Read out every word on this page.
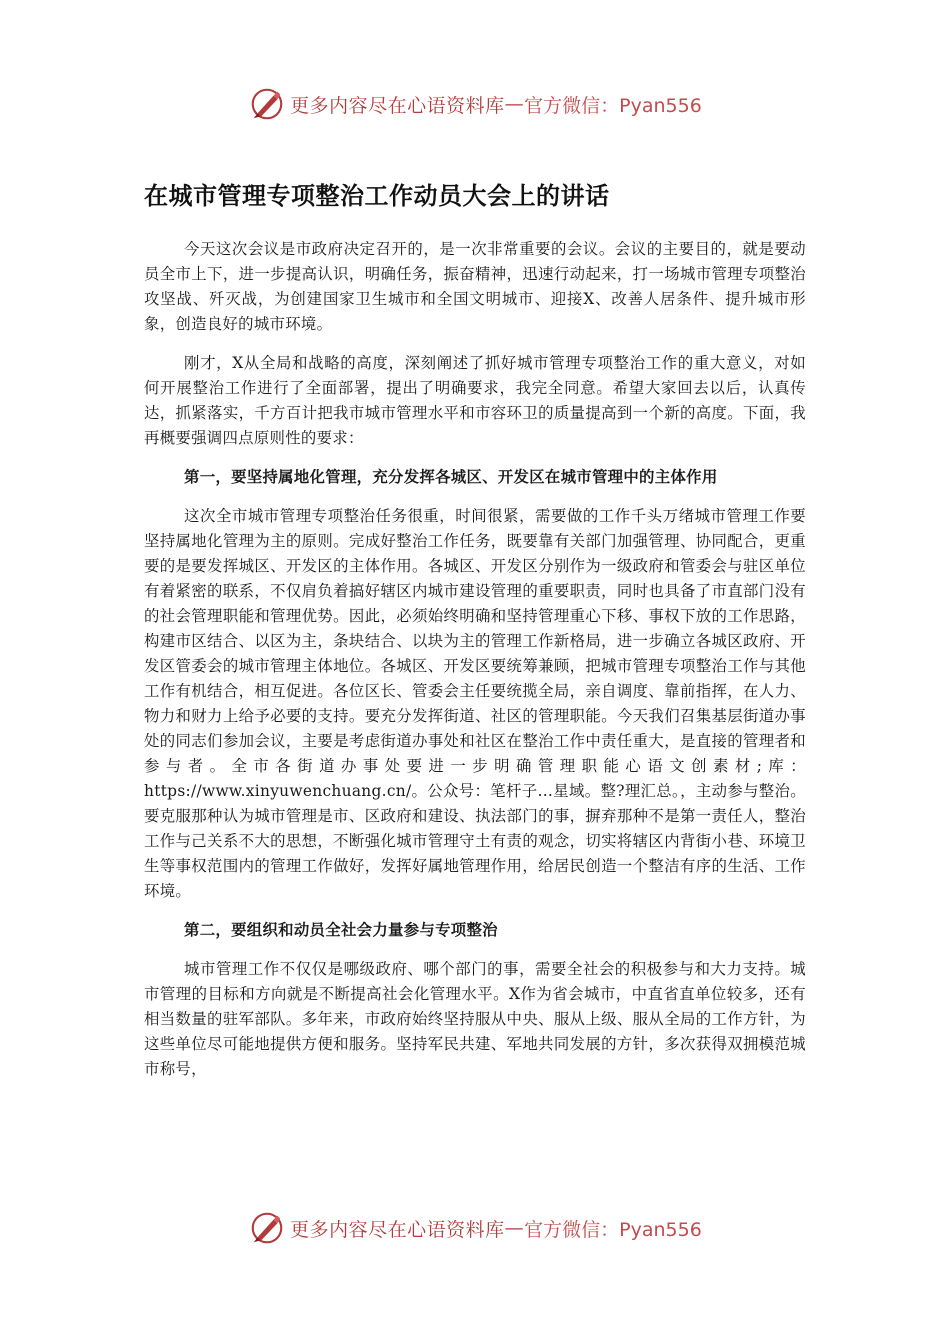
更多内容尽在心语资料库 — 官方微信：Pyan556
在城市管理专项整治工作动员大会上的讲话

今天这次会议是市政府决定召开的，是一次非常重要的会议。会议的主要目的，就是要动员全市上下，进一步提高认识，明确任务，振奋精神，迅速行动起来，打一场城市管理专项整治攻坚战、歼灭战，为创建国家卫生城市和全国文明城市、迎接X、改善人居条件、提升城市形象，创造良好的城市环境。

刚才，X从全局和战略的高度，深刻阐述了抓好城市管理专项整治工作的重大意义，对如何开展整治工作进行了全面部署，提出了明确要求，我完全同意。希望大家回去以后，认真传达，抓紧落实，千方百计把我市城市管理水平和市容环卫的质量提高到一个新的高度。下面，我再概要强调四点原则性的要求：

第一，要坚持属地化管理，充分发挥各城区、开发区在城市管理中的主体作用

这次全市城市管理专项整治任务很重，时间很紧，需要做的工作千头万绪城市管理工作要坚持属地化管理为主的原则。完成好整治工作任务，既要靠有关部门加强管理、协同配合，更重要的是要发挥城区、开发区的主体作用。各城区、开发区分别作为一级政府和管委会与驻区单位有着紧密的联系，不仅肩负着搞好辖区内城市建设管理的重要职责，同时也具备了市直部门没有的社会管理职能和管理优势。因此，必须始终明确和坚持管理重心下移、事权下放的工作思路，构建市区结合、以区为主，条块结合、以块为主的管理工作新格局，进一步确立各城区政府、开发区管委会的城市管理主体地位。各城区、开发区要统筹兼顾，把城市管理专项整治工作与其他工作有机结合，相互促进。各位区长、管委会主任要统揽全局，亲自调度、靠前指挥，在人力、物力和财力上给予必要的支持。要充分发挥街道、社区的管理职能。今天我们召集基层街道办事处的同志们参加会议，主要是考虑街道办事处和社区在整治工作中责任重大，是直接的管理者和参与者。全市各街道办事处要进一步明确管理职能心语文创素材;库：https://www.xinyuwenchuang.cn/。公众号：笔杆子…星域。整?理汇总。，主动参与整治。要克服那种认为城市管理是市、区政府和建设、执法部门的事，摒弃那种不是第一责任人，整治工作与己关系不大的思想，不断强化城市管理守土有责的观念，切实将辖区内背街小巷、环境卫生等事权范围内的管理工作做好，发挥好属地管理作用，给居民创造一个整洁有序的生活、工作环境。

第二，要组织和动员全社会力量参与专项整治

城市管理工作不仅仅是哪级政府、哪个部门的事，需要全社会的积极参与和大力支持。城市管理的目标和方向就是不断提高社会化管理水平。X作为省会城市，中直省直单位较多，还有相当数量的驻军部队。多年来，市政府始终坚持服从中央、服从上级、服从全局的工作方针，为这些单位尽可能地提供方便和服务。坚持军民共建、军地共同发展的方针，多次获得双拥模范城市称号，

更多内容尽在心语资料库 — 官方微信：Pyan556
